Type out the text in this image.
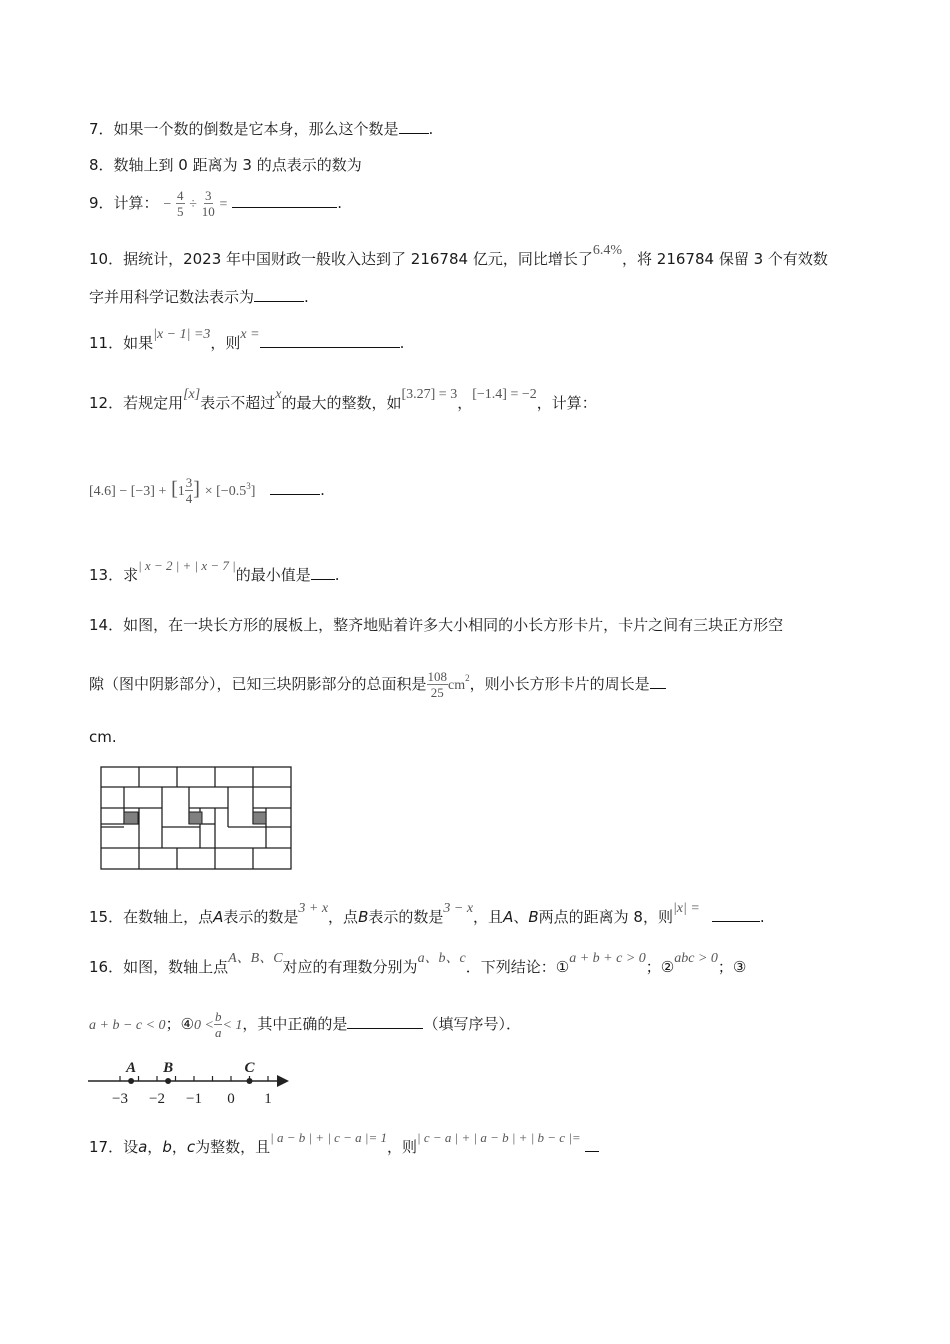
7．如果一个数的倒数是它本身，那么这个数是 .
8．数轴上到 0 距离为 3 的点表示的数为
9．计算： − $\frac{4}{5} \div \frac{3}{10}$ =	.
10．据统计，2023 年中国财政一般收入达到了 216784 亿元，同比增长了6.4%，将 216784 保留 3 个有效数
字并用科学记数法表示为	.
11．如果|x − 1| =3，则x =	.
12．若规定用[x]表示不超过x的最大的整数，如[3.27] = 3，[−1.4] = −2，计算：
$[4.6] - [-3] + [1 \frac{3}{4}$ ] × $[-0.5^3]$	.
13．求| x − 2 | + | x − 7 |的最小值是 .
14．如图，在一块长方形的展板上，整齐地贴着许多大小相同的小长方形卡片，卡片之间有三块正方形空
隙（图中阴影部分），已知三块阴影部分的总面积是 $\frac{108}{25} cm^2$，则小长方形卡片的周长是
cm.
15．在数轴上，点A表示的数是3 + x，点B表示的数是3 − x，且A、B两点的距离为 8，则|x| =	.
16．如图，数轴上点A、B、C对应的有理数分别为a、b、c．下列结论：①a + b + c > 0；②abc > 0；③
a + b − c < 0；④0 < $\frac{b}{a} < 1$，其中正确的是	（填写序号）．
−3 −2 −1 0 1
A B	C
17．设a，b，c为整数，且| a − b | + | c − a |= 1，则| c − a | + | a − b | + | b − c |=
